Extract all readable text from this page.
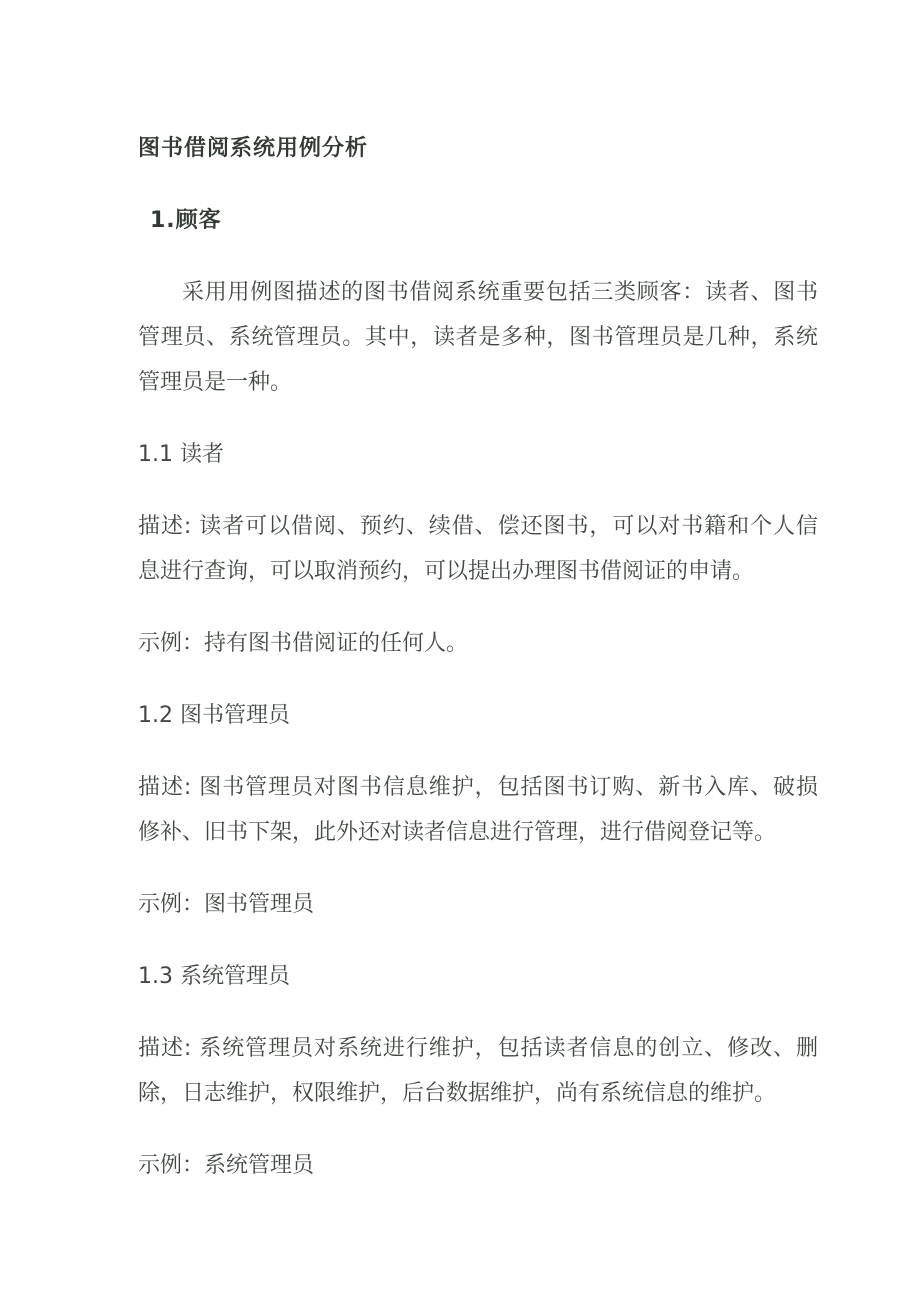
图书借阅系统用例分析
1.顾客
采用用例图描述的图书借阅系统重要包括三类顾客：读者、图书
管理员、系统管理员。其中，读者是多种，图书管理员是几种，系统
管理员是一种。
1.1 读者
描述: 读者可以借阅、预约、续借、偿还图书，可以对书籍和个人信
息进行查询，可以取消预约，可以提出办理图书借阅证的申请。
示例：持有图书借阅证的任何人。
1.2 图书管理员
描述: 图书管理员对图书信息维护，包括图书订购、新书入库、破损
修补、旧书下架，此外还对读者信息进行管理，进行借阅登记等。
示例：图书管理员
1.3 系统管理员
描述: 系统管理员对系统进行维护，包括读者信息的创立、修改、删
除，日志维护，权限维护，后台数据维护，尚有系统信息的维护。
示例：系统管理员
